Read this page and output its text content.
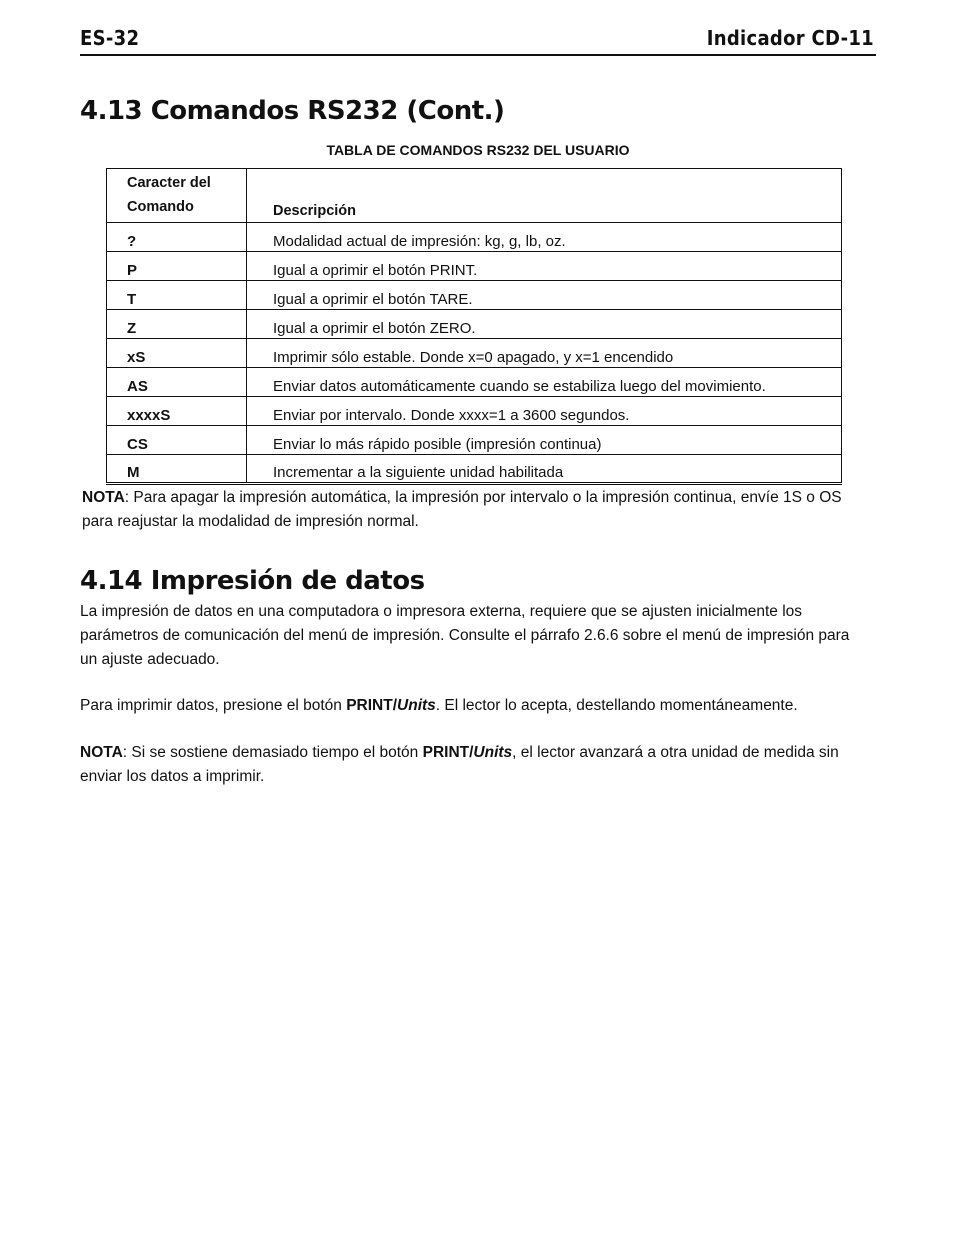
ES-32	Indicador CD-11
4.13 Comandos RS232 (Cont.)
TABLA DE COMANDOS RS232 DEL USUARIO
Caracter del
Comando	Descripción
?	Modalidad actual de impresión: kg, g, lb, oz.
P	Igual a oprimir el botón PRINT.
T	Igual a oprimir el botón TARE.
Z	Igual a oprimir el botón ZERO.
xS	Imprimir sólo estable. Donde x=0 apagado, y x=1 encendido
AS	Enviar datos automáticamente cuando se estabiliza luego del movimiento.
xxxxS	Enviar por intervalo. Donde xxxx=1 a 3600 segundos.
CS	Enviar lo más rápido posible (impresión continua)
M	Incrementar a la siguiente unidad habilitada

NOTA: Para apagar la impresión automática, la impresión por intervalo o la impresión continua, envíe 1S o OS para reajustar la modalidad de impresión normal.

4.14 Impresión de datos

La impresión de datos en una computadora o impresora externa, requiere que se ajusten inicialmente los parámetros de comunicación del menú de impresión. Consulte el párrafo 2.6.6 sobre el menú de impresión para un ajuste adecuado.

Para imprimir datos, presione el botón PRINT/Units. El lector lo acepta, destellando momentáneamente.

NOTA: Si se sostiene demasiado tiempo el botón PRINT/Units, el lector avanzará a otra unidad de medida sin enviar los datos a imprimir.
